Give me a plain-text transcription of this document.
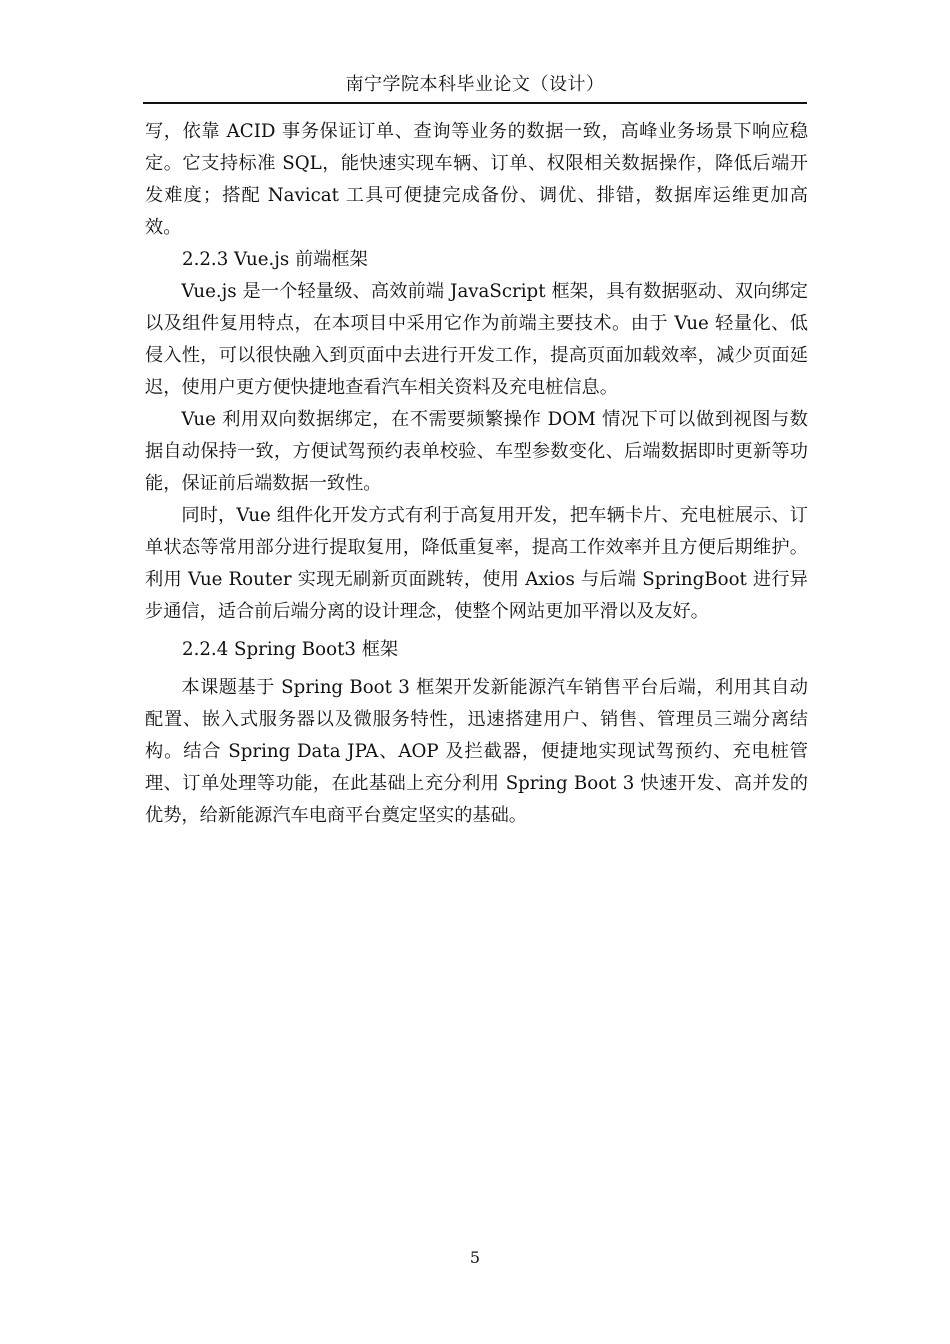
南宁学院本科毕业论文（设计）

写，依靠 ACID 事务保证订单、查询等业务的数据一致，高峰业务场景下响应稳定。它支持标准 SQL，能快速实现车辆、订单、权限相关数据操作，降低后端开发难度；搭配 Navicat 工具可便捷完成备份、调优、排错，数据库运维更加高效。

2.2.3 Vue.js 前端框架

Vue.js 是一个轻量级、高效前端 JavaScript 框架，具有数据驱动、双向绑定以及组件复用特点，在本项目中采用它作为前端主要技术。由于 Vue 轻量化、低侵入性，可以很快融入到页面中去进行开发工作，提高页面加载效率，减少页面延迟，使用户更方便快捷地查看汽车相关资料及充电桩信息。

Vue 利用双向数据绑定，在不需要频繁操作 DOM 情况下可以做到视图与数据自动保持一致，方便试驾预约表单校验、车型参数变化、后端数据即时更新等功能，保证前后端数据一致性。

同时，Vue 组件化开发方式有利于高复用开发，把车辆卡片、充电桩展示、订单状态等常用部分进行提取复用，降低重复率，提高工作效率并且方便后期维护。利用 Vue Router 实现无刷新页面跳转，使用 Axios 与后端 SpringBoot 进行异步通信，适合前后端分离的设计理念，使整个网站更加平滑以及友好。

2.2.4 Spring Boot3 框架

本课题基于 Spring Boot 3 框架开发新能源汽车销售平台后端，利用其自动配置、嵌入式服务器以及微服务特性，迅速搭建用户、销售、管理员三端分离结构。结合 Spring Data JPA、AOP 及拦截器，便捷地实现试驾预约、充电桩管理、订单处理等功能，在此基础上充分利用 Spring Boot 3 快速开发、高并发的优势，给新能源汽车电商平台奠定坚实的基础。

5
